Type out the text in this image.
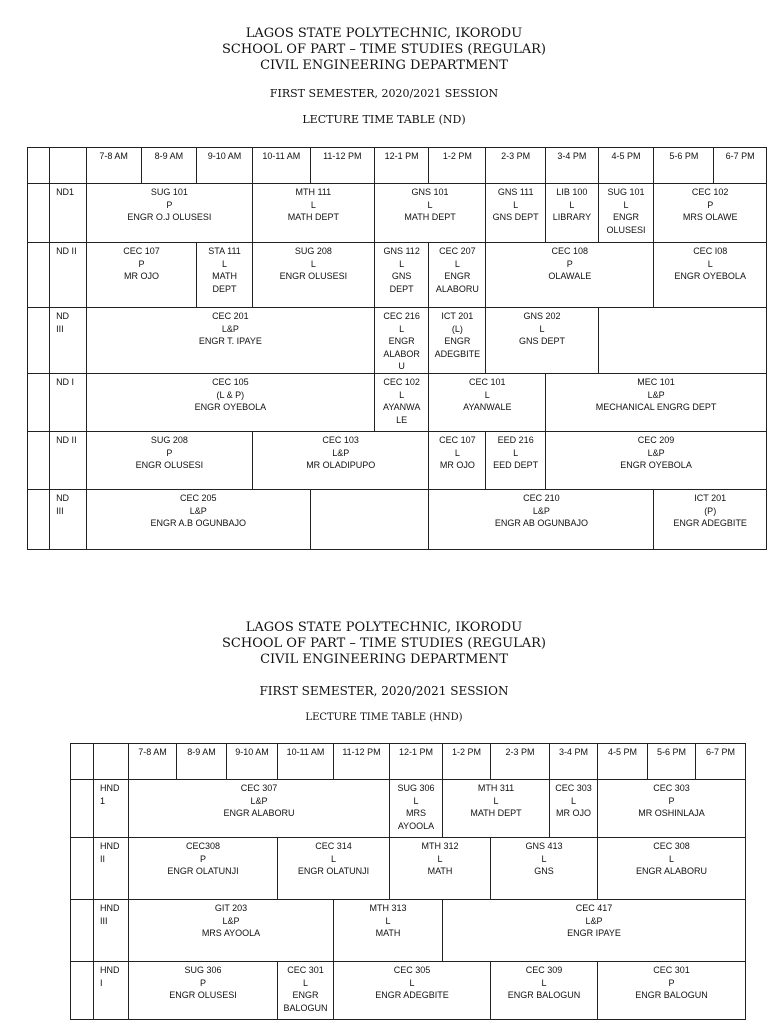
LAGOS STATE POLYTECHNIC, IKORODU
SCHOOL OF PART – TIME STUDIES (REGULAR)
CIVIL ENGINEERING DEPARTMENT
FIRST SEMESTER, 2020/2021 SESSION
LECTURE TIME TABLE (ND)
		7-8 AM	8-9 AM	9-10 AM	10-11 AM	11-12 PM	12-1 PM	1-2 PM	2-3 PM	3-4 PM	4-5 PM	5-6 PM	6-7 PM
	ND1	SUG 101
P
ENGR O.J OLUSESI			MTH 111
L
MATH DEPT		GNS 101
L
MATH DEPT		GNS 111
L
GNS DEPT	LIB 100
L
LIBRARY	SUG 101
L
ENGR
OLUSESI	CEC 102
P
MRS OLAWE	
	ND II	CEC 107
P
MR OJO		STA 111
L
MATH
DEPT	SUG 208
L
ENGR OLUSESI		GNS 112
L
GNS
DEPT	CEC 207
L
ENGR
ALABORU	CEC 108
P
OLAWALE			CEC I08
L
ENGR OYEBOLA	
	ND
III	CEC 201
L&P
ENGR T. IPAYE					CEC 216
L
ENGR
ALABOR
U	ICT 201
(L)
ENGR
ADEGBITE	GNS 202
L
GNS DEPT				
	ND I	CEC 105
(L & P)
ENGR OYEBOLA					CEC 102
L
AYANWA
LE	CEC 101
L
AYANWALE		MEC 101
L&P
MECHANICAL ENGRG DEPT			
	ND II	SUG 208
P
ENGR OLUSESI			CEC 103
L&P
MR OLADIPUPO			CEC 107
L
MR OJO	EED 216
L
EED DEPT	CEC 209
L&P
ENGR OYEBOLA			
	ND
III	CEC 205
L&P
ENGR A.B OGUNBAJO						CEC 210
L&P
ENGR AB OGUNBAJO				ICT 201
(P)
ENGR ADEGBITE	
LAGOS STATE POLYTECHNIC, IKORODU
SCHOOL OF PART – TIME STUDIES (REGULAR)
CIVIL ENGINEERING DEPARTMENT
FIRST SEMESTER, 2020/2021 SESSION
LECTURE TIME TABLE (HND)
		7-8 AM	8-9 AM	9-10 AM	10-11 AM	11-12 PM	12-1 PM	1-2 PM	2-3 PM	3-4 PM	4-5 PM	5-6 PM	6-7 PM
	HND
1	CEC 307
L&P
ENGR ALABORU					SUG 306
L
MRS
AYOOLA	MTH 311
L
MATH DEPT		CEC 303
L
MR OJO	CEC 303
P
MR OSHINLAJA		
	HND
II	CEC308
P
ENGR OLATUNJI			CEC 314
L
ENGR OLATUNJI		MTH 312
L
MATH		GNS 413
L
GNS		CEC 308
L
ENGR ALABORU		
	HND
III	GIT 203
L&P
MRS AYOOLA				MTH 313
L
MATH		CEC 417
L&P
ENGR IPAYE					
	HND
I	SUG 306
P
ENGR OLUSESI			CEC 301
L
ENGR
BALOGUN	CEC 305
L
ENGR ADEGBITE			CEC 309
L
ENGR BALOGUN		CEC 301
P
ENGR BALOGUN		
